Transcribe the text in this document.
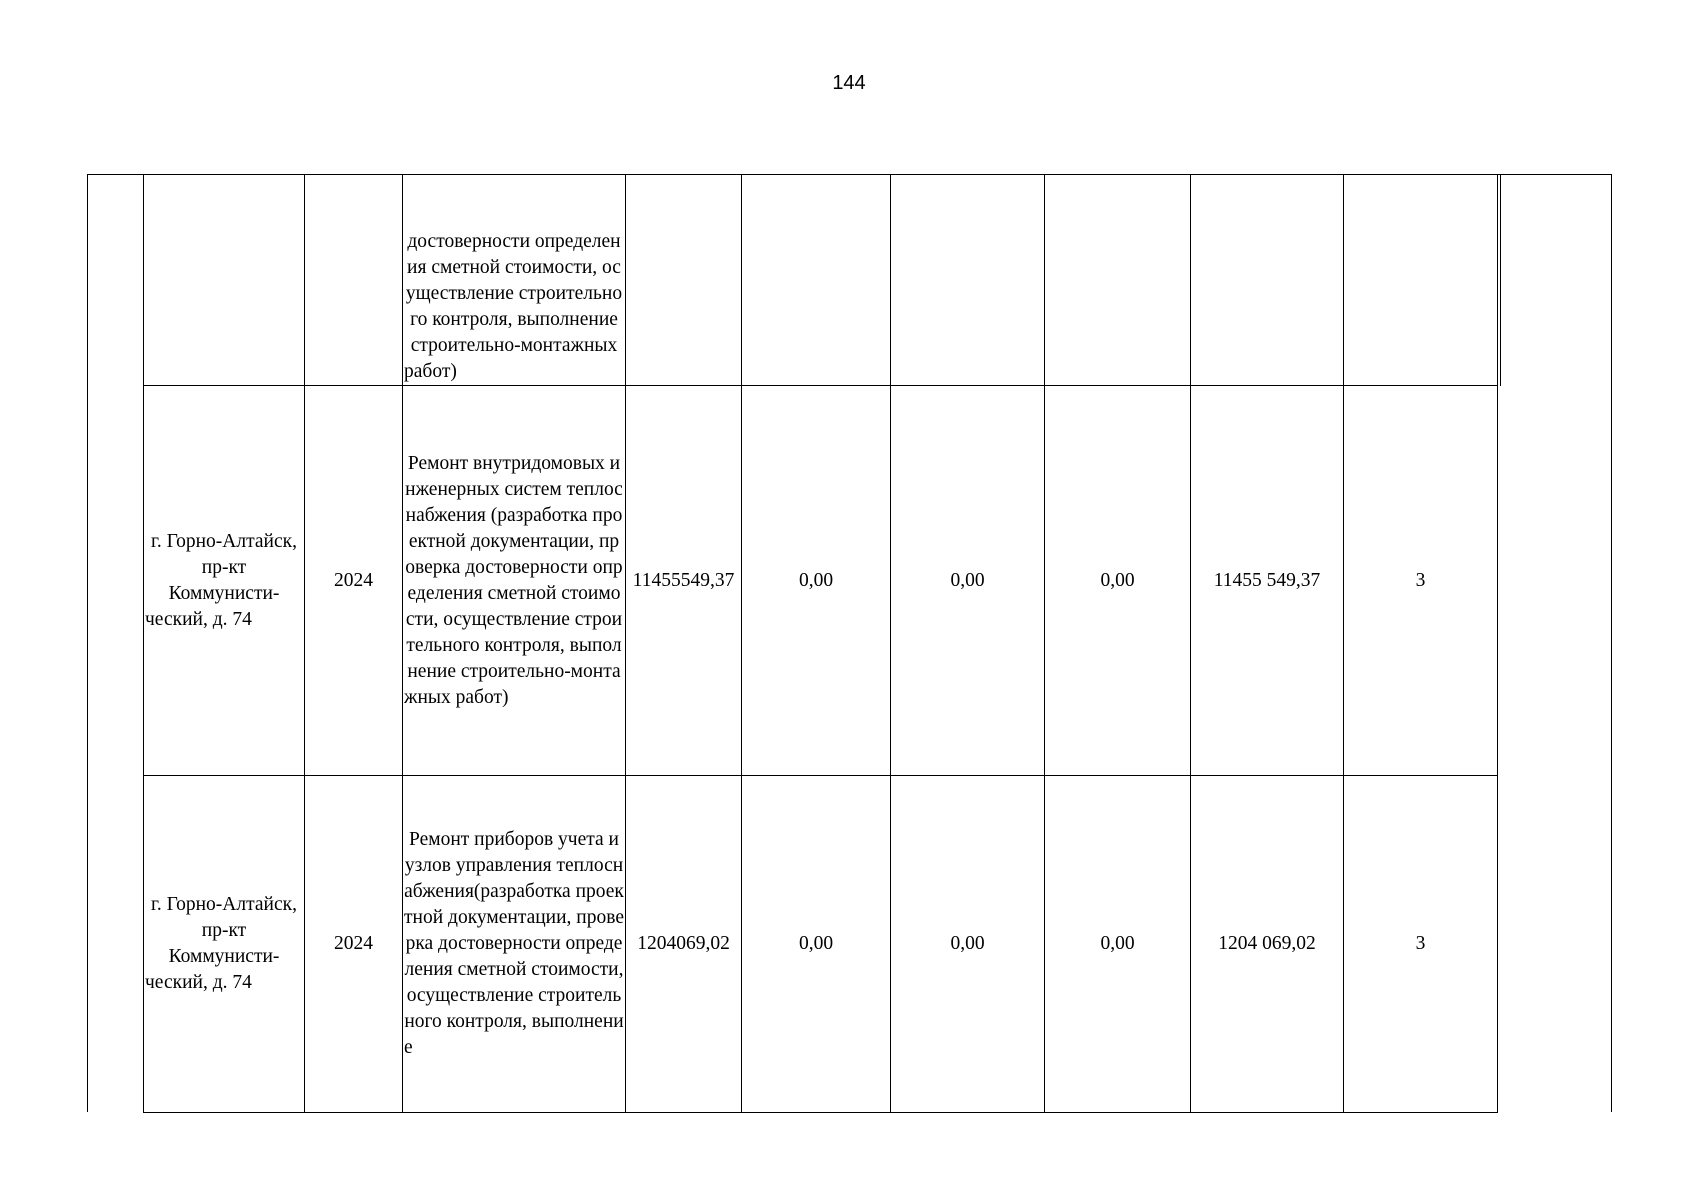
144
		достоверности определения сметной стоимости, осуществление строительного контроля, выполнение строительно-монтажных работ)						
г. Горно-Алтайск, пр-кт Коммунисти-ческий, д. 74	2024	Ремонт внутридомовых инженерных систем теплоснабжения (разработка проектной документации, проверка достоверности определения сметной стоимости, осуществление строительного контроля, выполнение строительно-монтажных работ)	11455549,37	0,00	0,00	0,00	11455 549,37	3
г. Горно-Алтайск, пр-кт Коммунисти-ческий, д. 74	2024	Ремонт приборов учета и узлов управления теплоснабжения(разработка проектной документации, проверка достоверности определения сметной стоимости, осуществление строительного контроля, выполнение	1204069,02	0,00	0,00	0,00	1204 069,02	3
